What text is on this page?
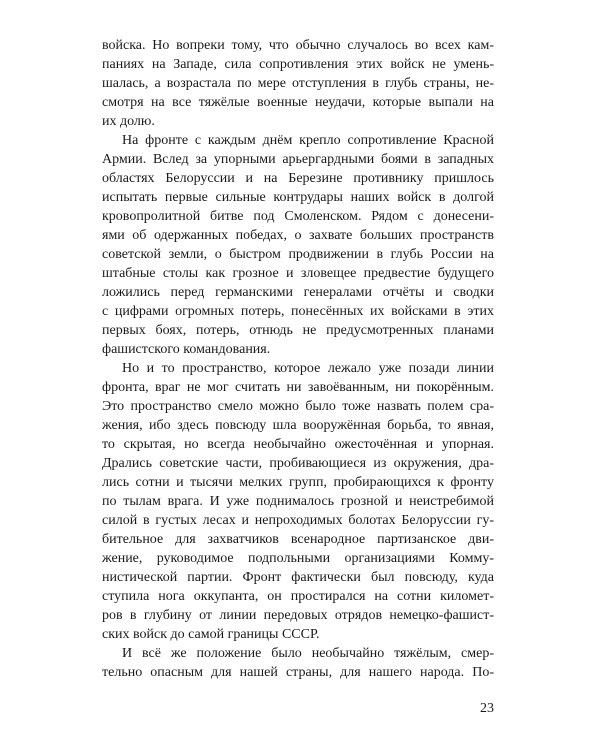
войска. Но вопреки тому, что обычно случалось во всех кам-
паниях на Западе, сила сопротивления этих войск не умень-
шалась, а возрастала по мере отступления в глубь страны, не-
смотря на все тяжёлые военные неудачи, которые выпали на
их долю.

На фронте с каждым днём крепло сопротивление Красной
Армии. Вслед за упорными арьергардными боями в западных
областях Белоруссии и на Березине противнику пришлось
испытать первые сильные контрудары наших войск в долгой
кровопролитной битве под Смоленском. Рядом с донесени-
ями об одержанных победах, о захвате больших пространств
советской земли, о быстром продвижении в глубь России на
штабные столы как грозное и зловещее предвестие будущего
ложились перед германскими генералами отчёты и сводки
с цифрами огромных потерь, понесённых их войсками в этих
первых боях, потерь, отнюдь не предусмотренных планами
фашистского командования.

Но и то пространство, которое лежало уже позади линии
фронта, враг не мог считать ни завоёванным, ни покорённым.
Это пространство смело можно было тоже назвать полем сра-
жения, ибо здесь повсюду шла вооружённая борьба, то явная,
то скрытая, но всегда необычайно ожесточённая и упорная.
Дрались советские части, пробивающиеся из окружения, дра-
лись сотни и тысячи мелких групп, пробирающихся к фронту
по тылам врага. И уже поднималось грозной и неистребимой
силой в густых лесах и непроходимых болотах Белоруссии гу-
бительное для захватчиков всенародное партизанское дви-
жение, руководимое подпольными организациями Комму-
нистической партии. Фронт фактически был повсюду, куда
ступила нога оккупанта, он простирался на сотни километ-
ров в глубину от линии передовых отрядов немецко-фашист-
ских войск до самой границы СССР.

И всё же положение было необычайно тяжёлым, смер-
тельно опасным для нашей страны, для нашего народа. По-

23
